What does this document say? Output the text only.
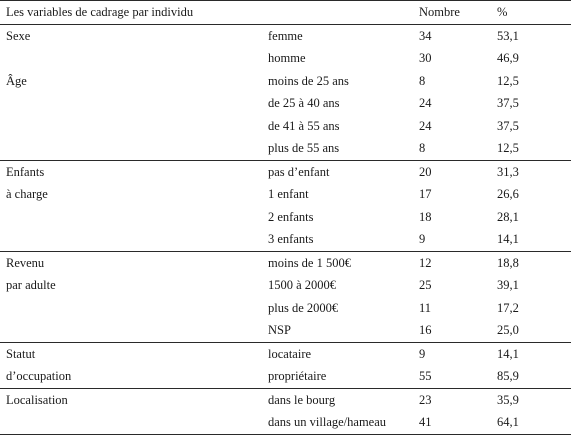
Les variables de cadrage par individu		Nombre	%
Sexe	femme	34	53,1
	homme	30	46,9
Âge	moins de 25 ans	8	12,5
	de 25 à 40 ans	24	37,5
	de 41 à 55 ans	24	37,5
	plus de 55 ans	8	12,5
Enfants	pas d’enfant	20	31,3
à charge	1 enfant	17	26,6
	2 enfants	18	28,1
	3 enfants	9	14,1
Revenu	moins de 1 500€	12	18,8
par adulte	1500 à 2000€	25	39,1
	plus de 2000€	11	17,2
	NSP	16	25,0
Statut	locataire	9	14,1
d’occupation	propriétaire	55	85,9
Localisation	dans le bourg	23	35,9
	dans un village/hameau	41	64,1
